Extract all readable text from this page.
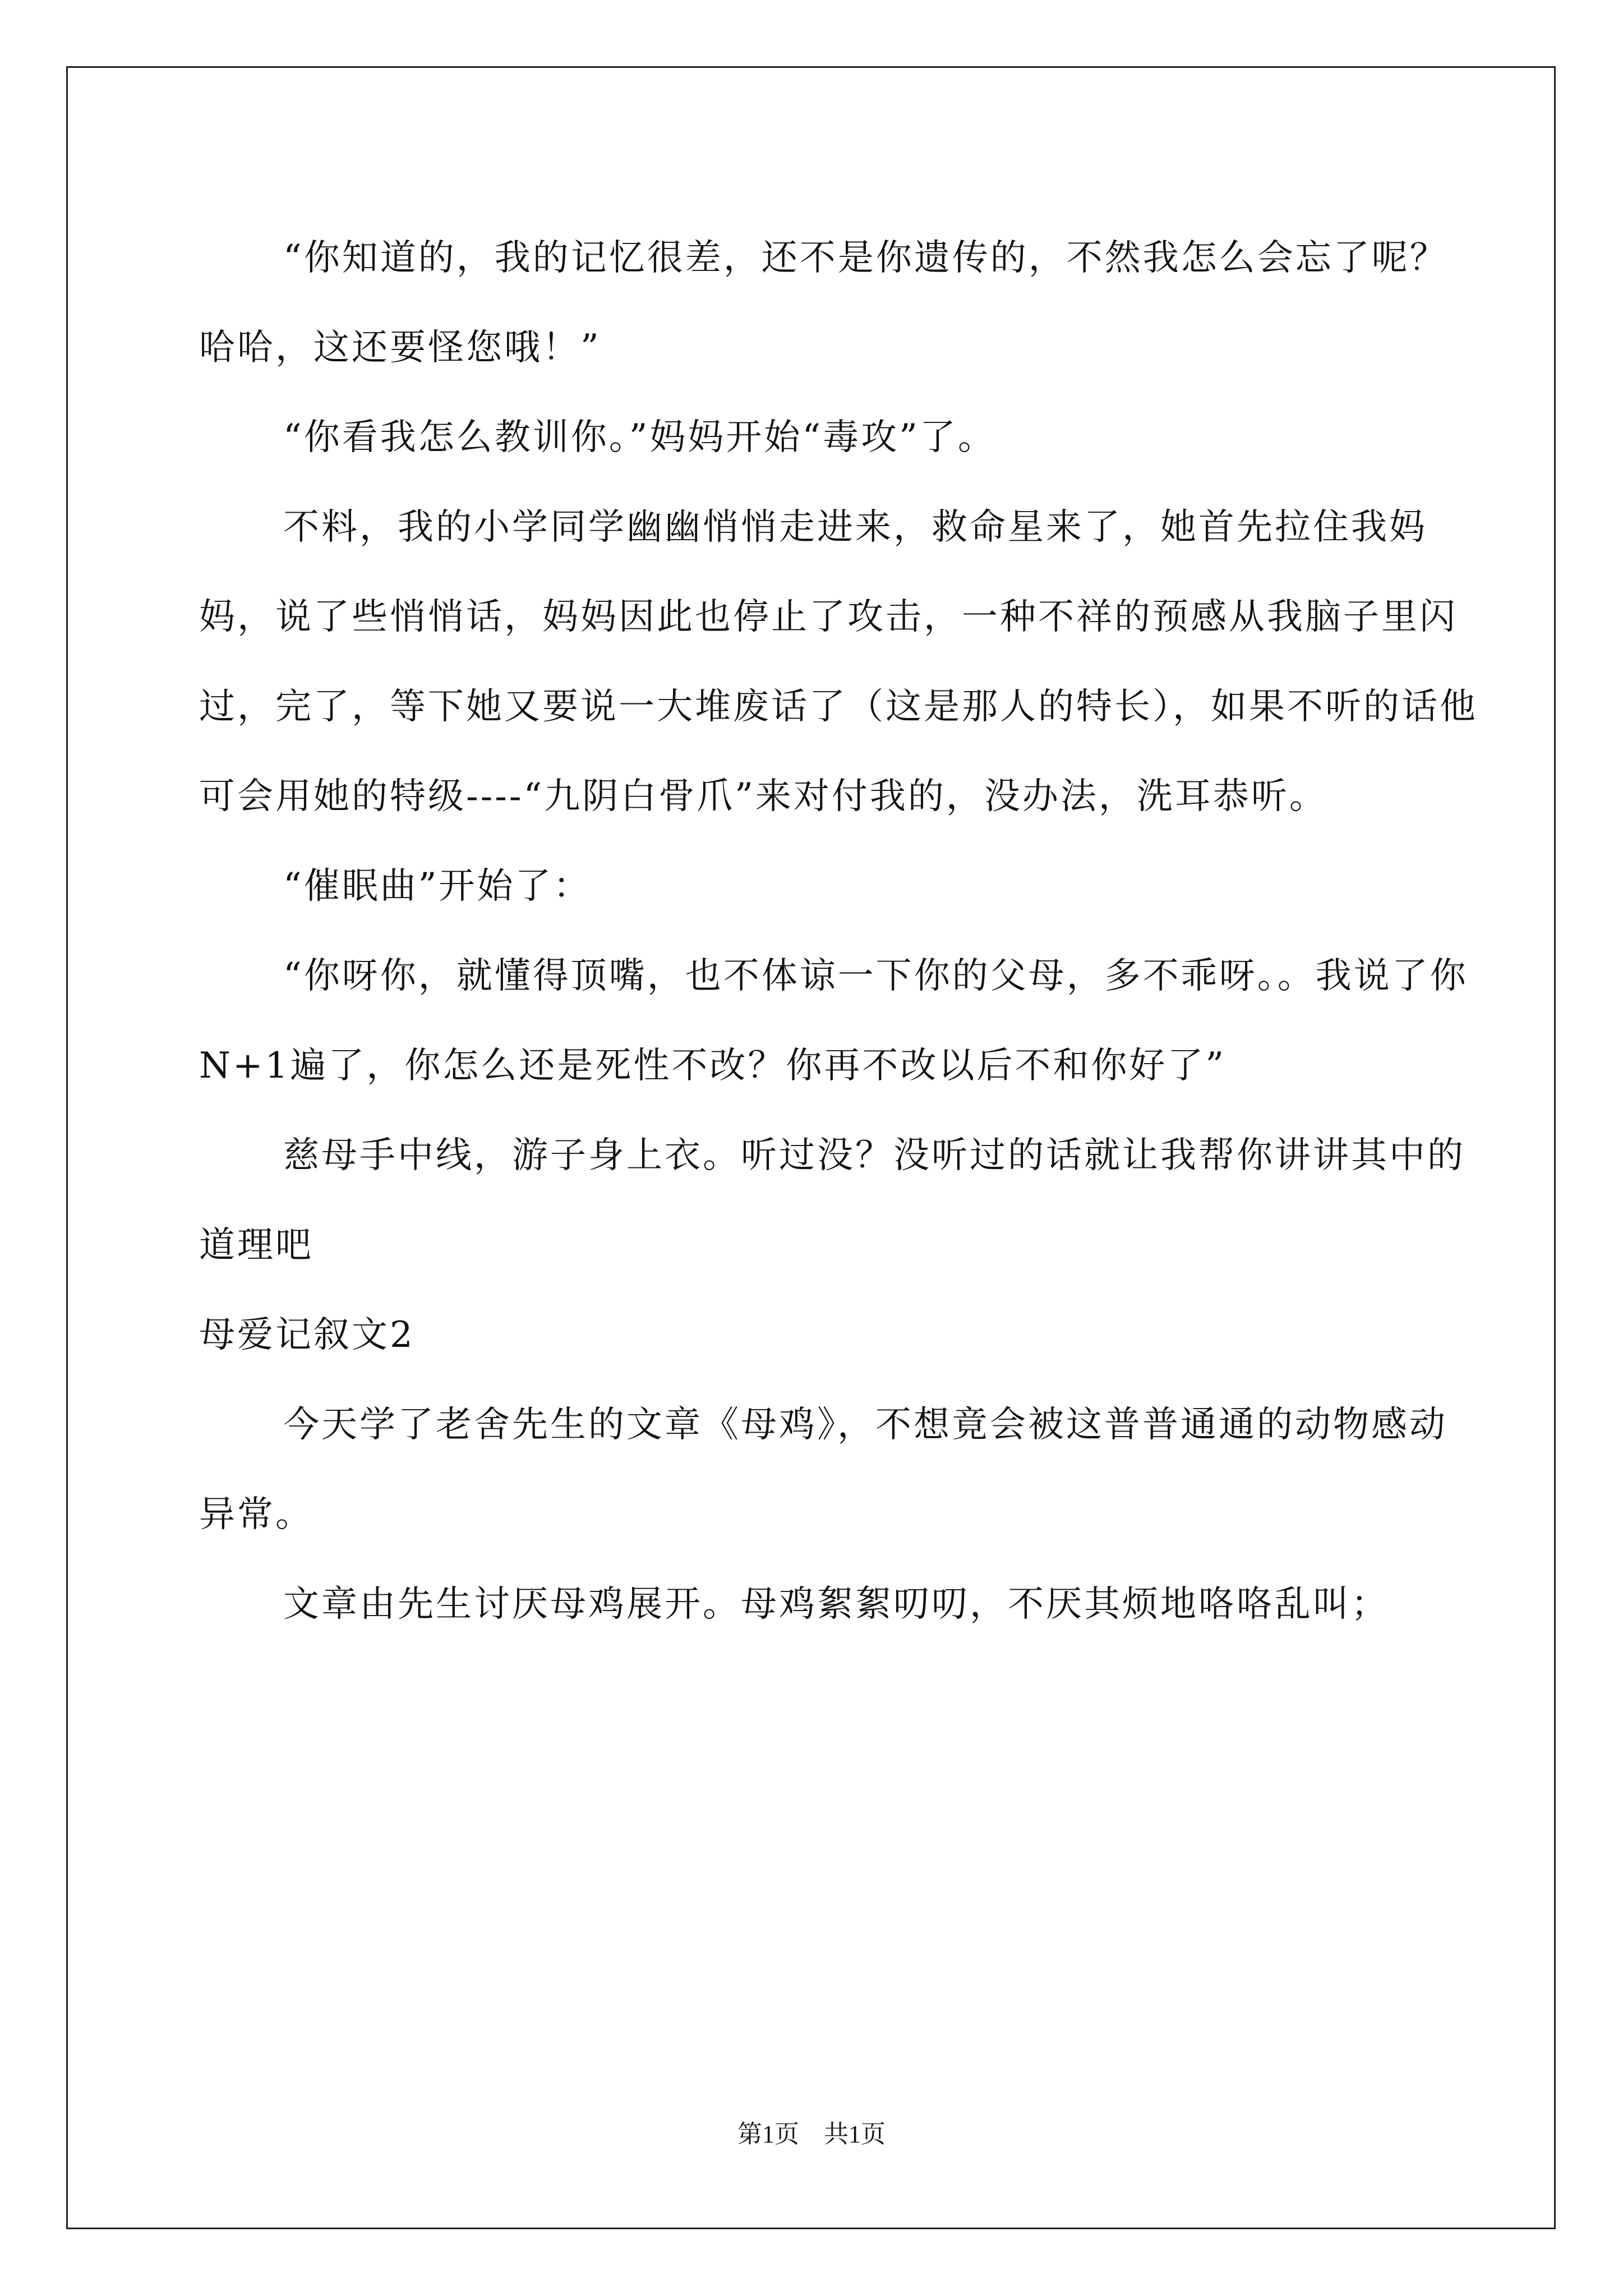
“你知道的，我的记忆很差，还不是你遗传的，不然我怎么会忘了呢？哈哈，这还要怪您哦！”

“你看我怎么教训你。”妈妈开始“毒攻”了。

不料，我的小学同学幽幽悄悄走进来，救命星来了，她首先拉住我妈妈，说了些悄悄话，妈妈因此也停止了攻击，一种不祥的预感从我脑子里闪过，完了，等下她又要说一大堆废话了（这是那人的特长），如果不听的话他可会用她的特级----“九阴白骨爪”来对付我的，没办法，洗耳恭听。

“催眠曲”开始了：

“你呀你，就懂得顶嘴，也不体谅一下你的父母，多不乖呀。。我说了你N+1遍了，你怎么还是死性不改？你再不改以后不和你好了”

慈母手中线，游子身上衣。听过没？没听过的话就让我帮你讲讲其中的道理吧

母爱记叙文2

今天学了老舍先生的文章《母鸡》，不想竟会被这普普通通的动物感动异常。

文章由先生讨厌母鸡展开。母鸡絮絮叨叨，不厌其烦地咯咯乱叫；

第1页　共1页
